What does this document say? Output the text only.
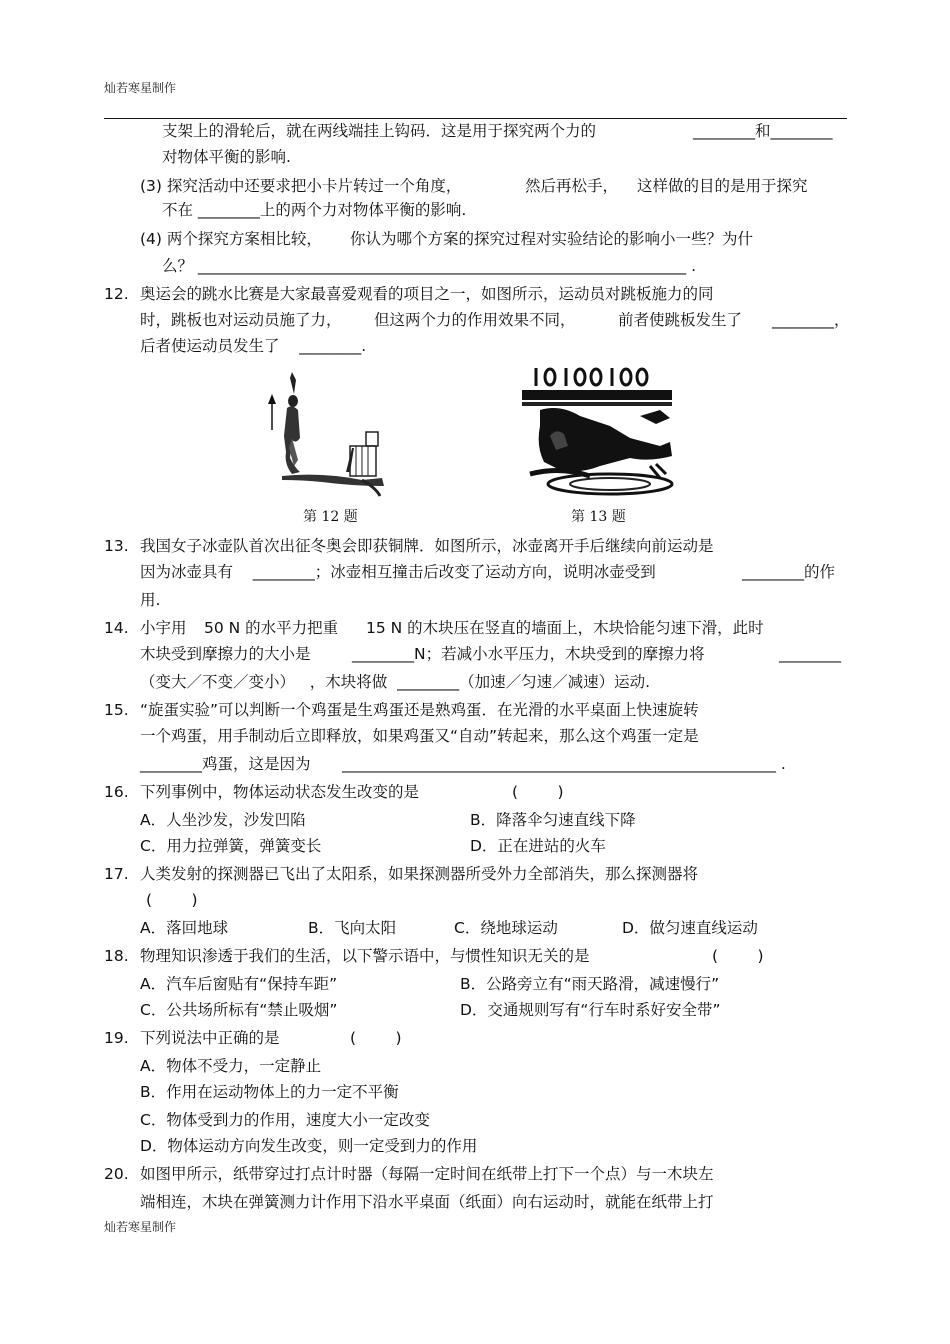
灿若寒星制作
支架上的滑轮后，就在两线端挂上钩码．这是用于探究两个力的	________和________
对物体平衡的影响.
(3) 探究活动中还要求把小卡片转过一个角度，	然后再松手， 这样做的目的是用于探究
不在 ________上的两个力对物体平衡的影响.
(4) 两个探究方案相比较， 你认为哪个方案的探究过程对实验结论的影响小一些？为什
么？ _______________________________________________________________ .
12. 奥运会的跳水比赛是大家最喜爱观看的项目之一，如图所示，运动员对跳板施力的同
时，跳板也对运动员施了力， 但这两个力的作用效果不同，	前者使跳板发生了 ________，
后者使运动员发生了    ________.
第 12 题	第 13 题
13. 我国女子冰壶队首次出征冬奥会即获铜牌．如图所示，冰壶离开手后继续向前运动是
因为冰壶具有    ________；冰壶相互撞击后改变了运动方向，说明冰壶受到	________的作
用.
14. 小宇用 50 N 的水平力把重 15 N 的木块压在竖直的墙面上，木块恰能匀速下滑，此时
木块受到摩擦力的大小是	________N；若减小水平压力，木块受到的摩擦力将	________
（变大／不变／变小）   ，木块将做  ________（加速／匀速／减速）运动.
15. “旋蛋实验”可以判断一个鸡蛋是生鸡蛋还是熟鸡蛋．在光滑的水平桌面上快速旋转
一个鸡蛋，用手制动后立即释放，如果鸡蛋又“自动”转起来，那么这个鸡蛋一定是
________鸡蛋，这是因为 ________________________________________________________ .
16. 下列事例中，物体运动状态发生改变的是	(        )
A．人坐沙发，沙发凹陷	B．降落伞匀速直线下降
C．用力拉弹簧，弹簧变长	D．正在进站的火车
17. 人类发射的探测器已飞出了太阳系，如果探测器所受外力全部消失，那么探测器将
(        )
A．落回地球	B．飞向太阳	C．绕地球运动	D．做匀速直线运动
18. 物理知识渗透于我们的生活，以下警示语中，与惯性知识无关的是	(        )
A．汽车后窗贴有“保持车距”	B．公路旁立有“雨天路滑，减速慢行”
C．公共场所标有“禁止吸烟”	D．交通规则写有“行车时系好安全带”
19. 下列说法中正确的是	(        )
A．物体不受力，一定静止
B．作用在运动物体上的力一定不平衡
C．物体受到力的作用，速度大小一定改变
D．物体运动方向发生改变，则一定受到力的作用
20. 如图甲所示，纸带穿过打点计时器（每隔一定时间在纸带上打下一个点）与一木块左
端相连，木块在弹簧测力计作用下沿水平桌面（纸面）向右运动时，就能在纸带上打
灿若寒星制作
